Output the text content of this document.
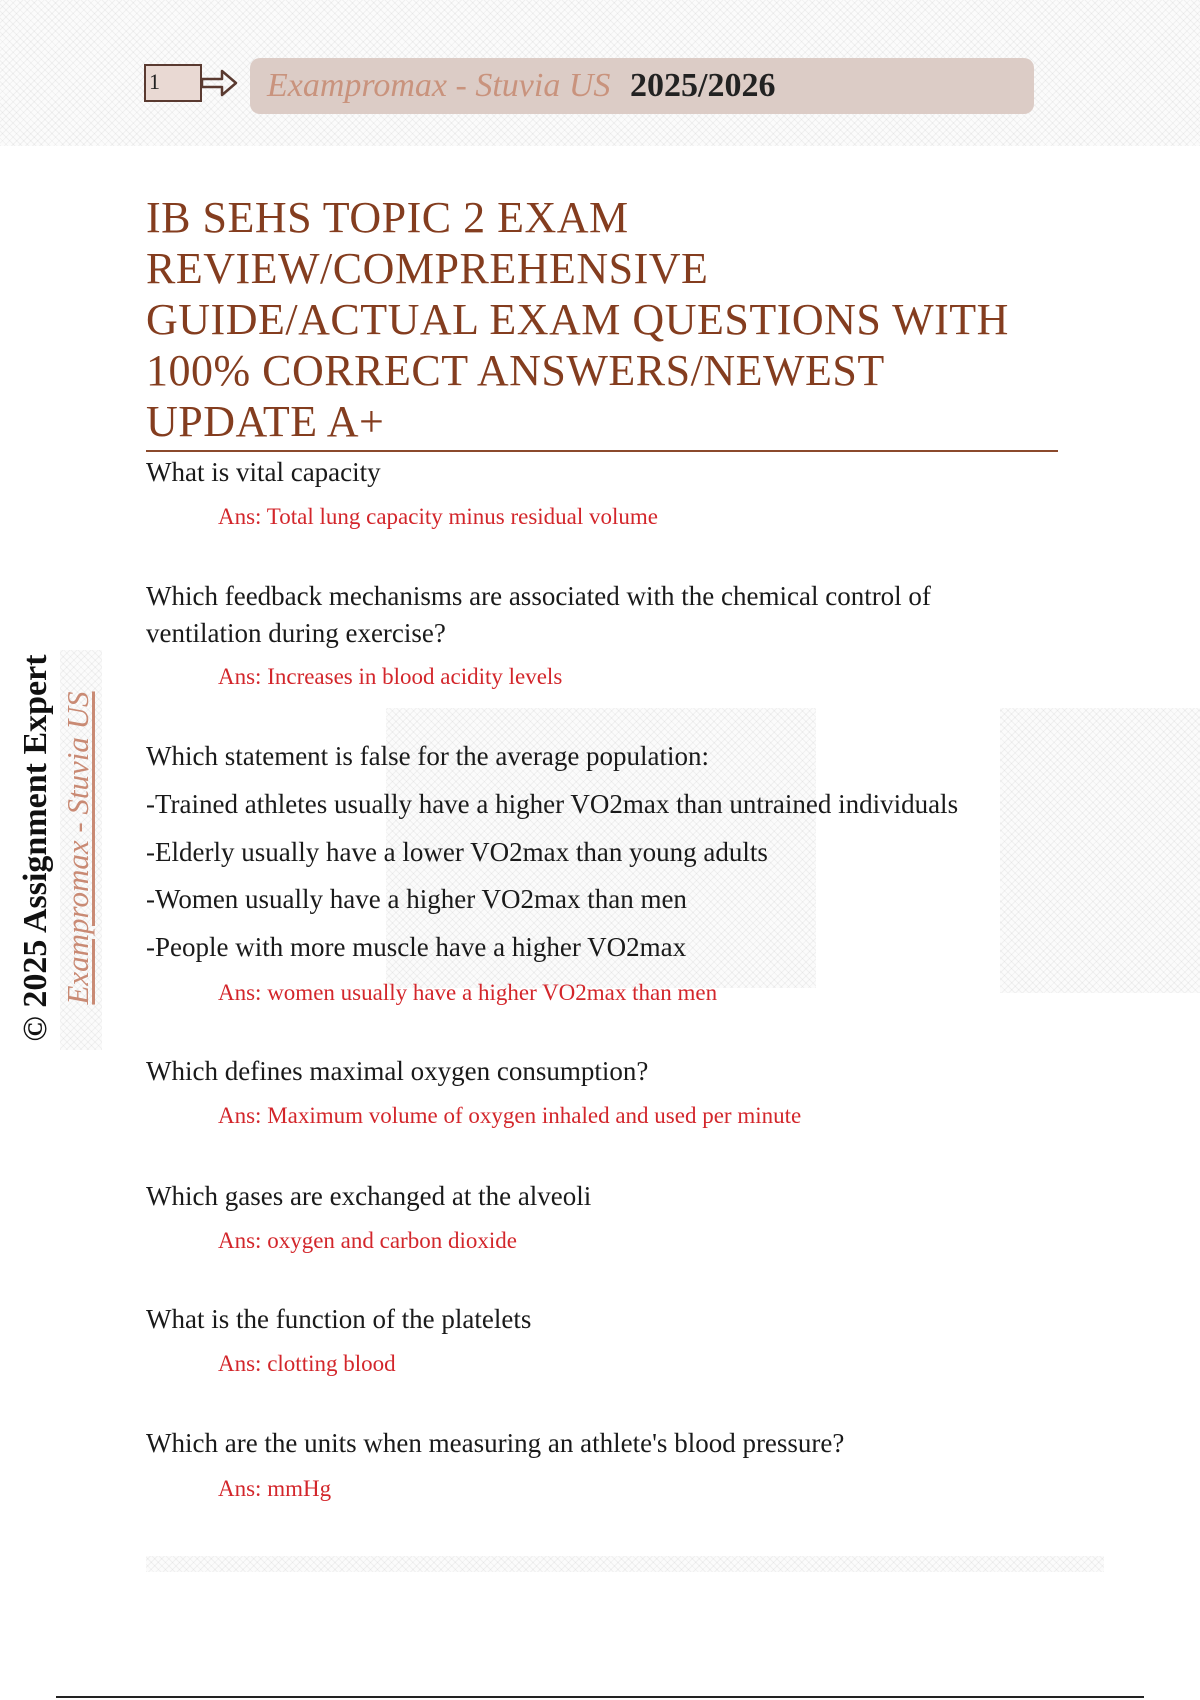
1	Exampromax - Stuvia US 2025/2026
IB SEHS TOPIC 2 EXAM REVIEW/COMPREHENSIVE GUIDE/ACTUAL EXAM QUESTIONS WITH 100% CORRECT ANSWERS/NEWEST UPDATE A+
© 2025 Assignment Expert Exampromax - Stuvia US

What is vital capacity

Ans: Total lung capacity minus residual volume

Which feedback mechanisms are associated with the chemical control of ventilation during exercise?

Ans: Increases in blood acidity levels

Which statement is false for the average population:

-Trained athletes usually have a higher VO2max than untrained individuals

-Elderly usually have a lower VO2max than young adults

-Women usually have a higher VO2max than men

-People with more muscle have a higher VO2max

Ans: women usually have a higher VO2max than men

Which defines maximal oxygen consumption?

Ans: Maximum volume of oxygen inhaled and used per minute

Which gases are exchanged at the alveoli

Ans: oxygen and carbon dioxide

What is the function of the platelets

Ans: clotting blood

Which are the units when measuring an athlete's blood pressure?

Ans: mmHg
